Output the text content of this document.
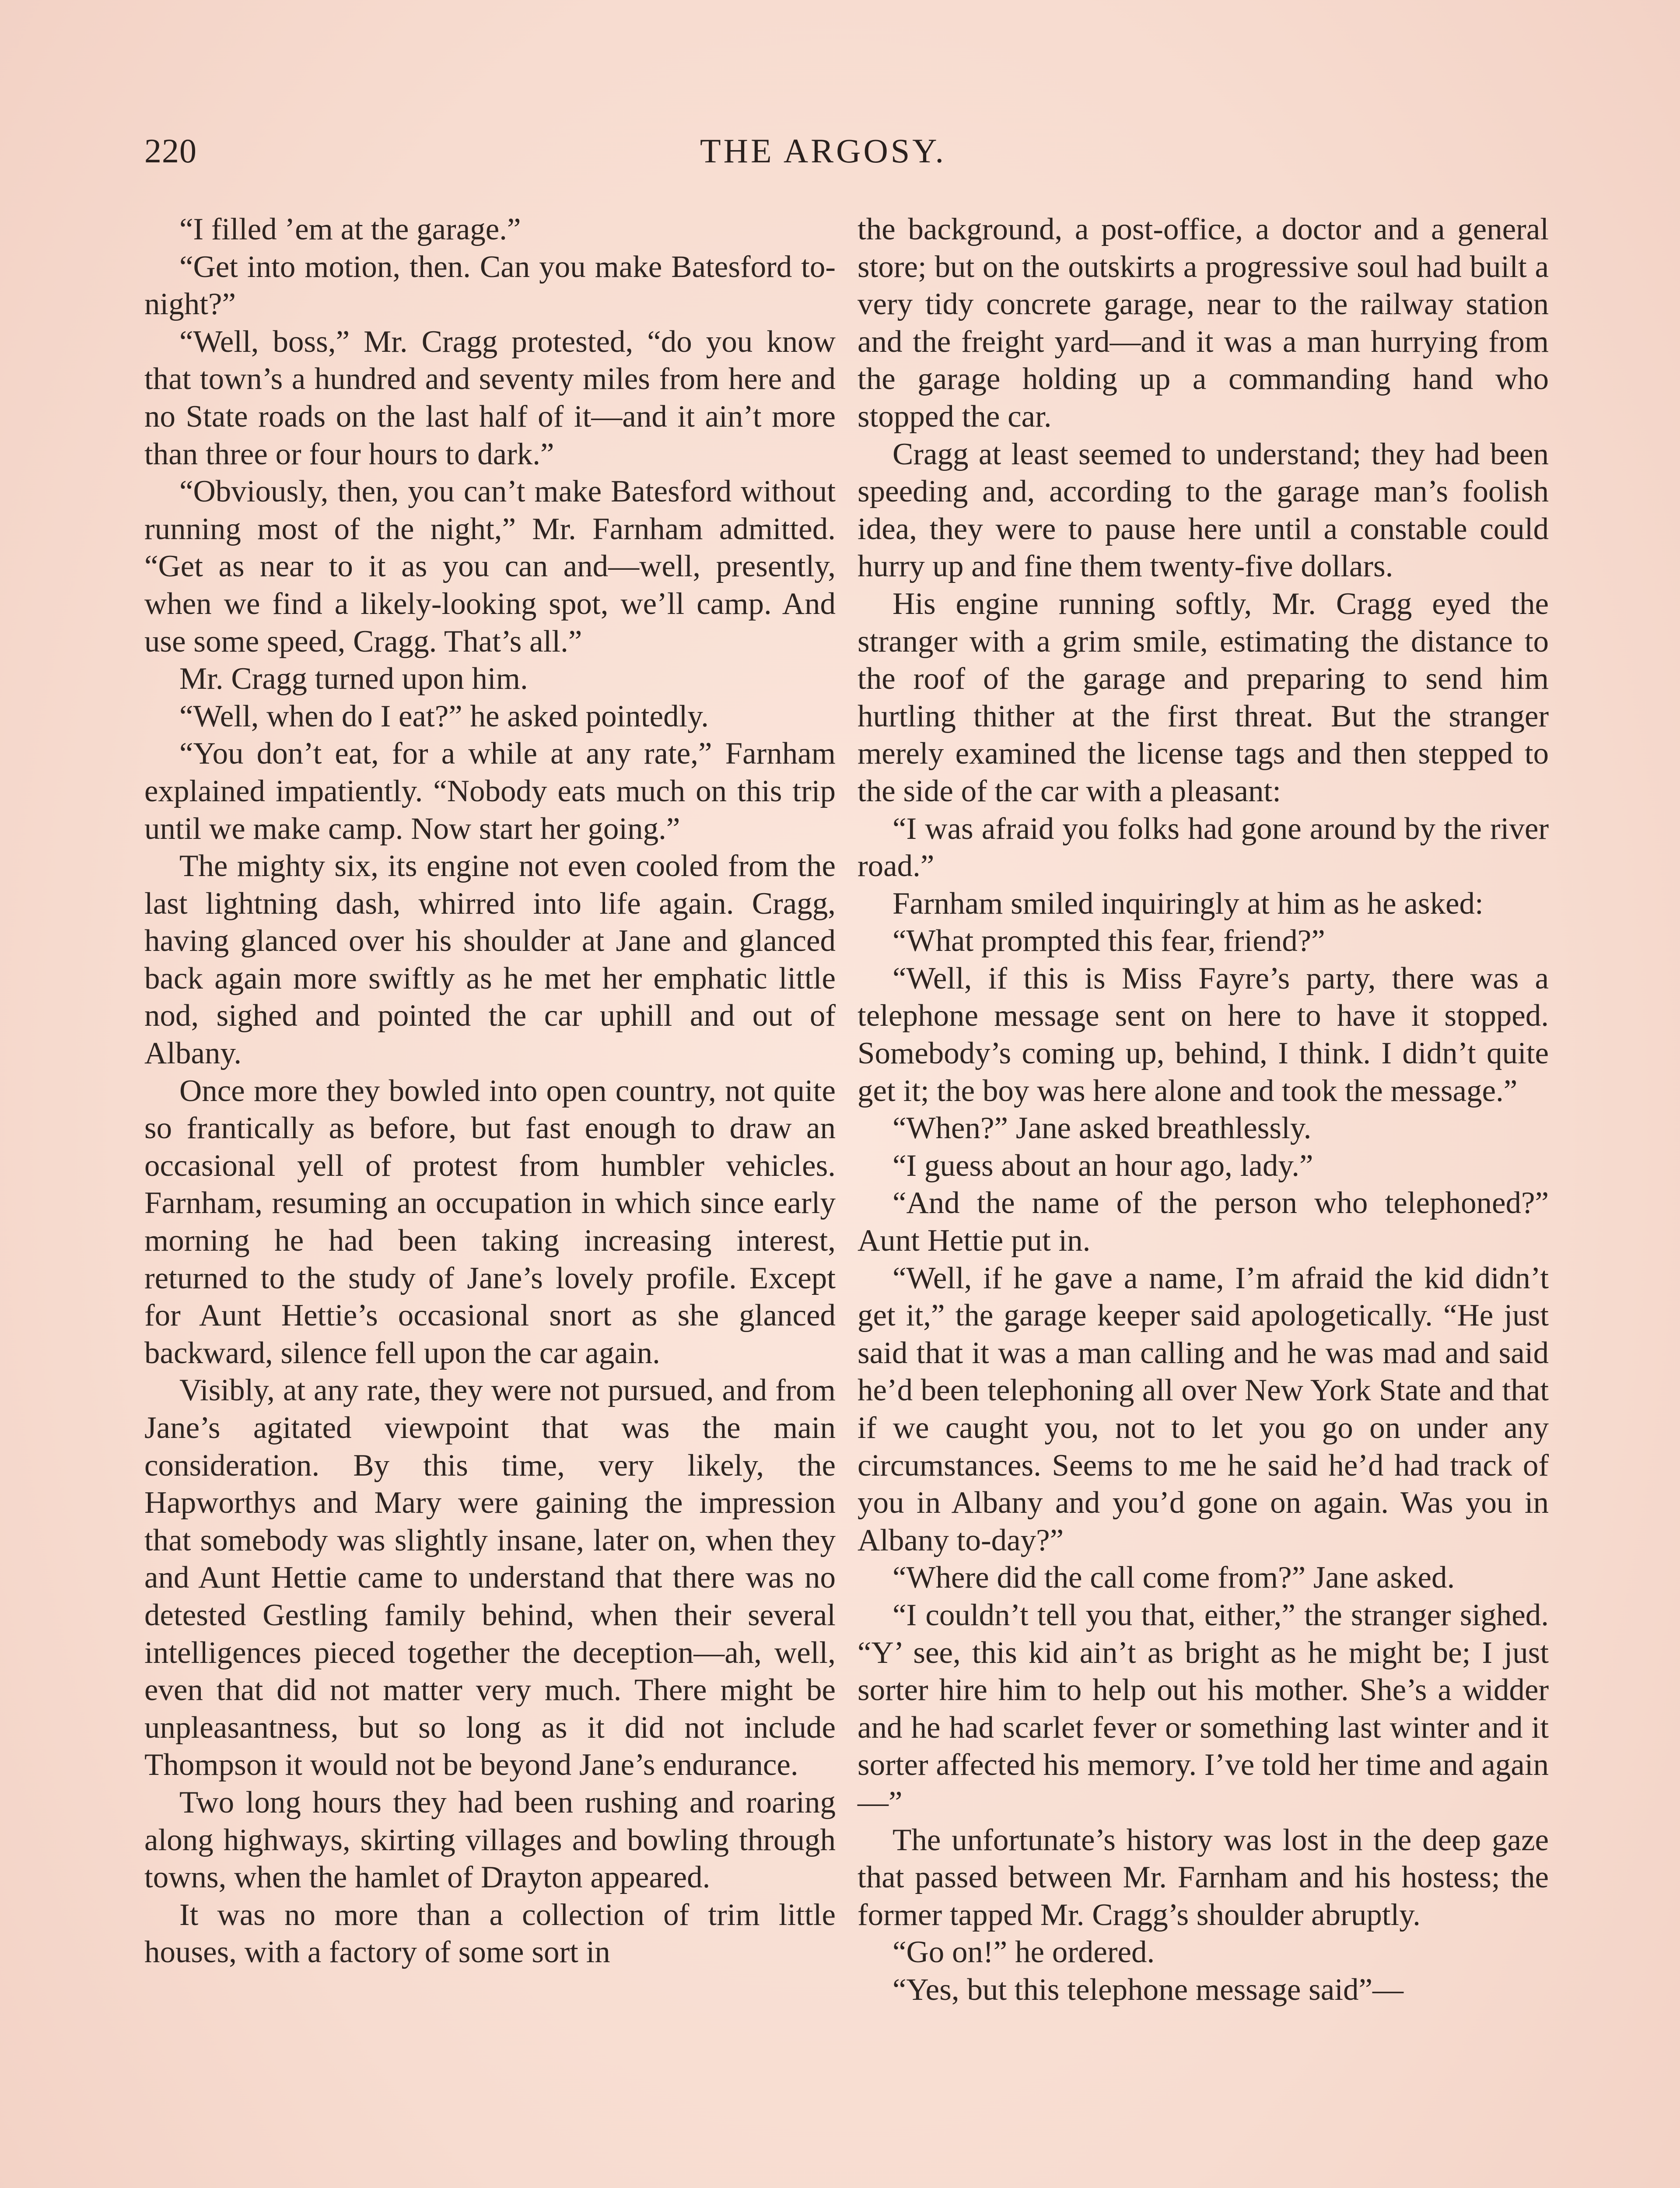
220	THE ARGOSY.

“I filled ’em at the garage.”

“Get into motion, then. Can you make Batesford to-night?”

“Well, boss,” Mr. Cragg protested, “do you know that town’s a hundred and seventy miles from here and no State roads on the last half of it—and it ain’t more than three or four hours to dark.”

“Obviously, then, you can’t make Batesford without running most of the night,” Mr. Farnham admitted. “Get as near to it as you can and—well, presently, when we find a likely-looking spot, we’ll camp. And use some speed, Cragg. That’s all.”

Mr. Cragg turned upon him.

“Well, when do I eat?” he asked pointedly.

“You don’t eat, for a while at any rate,” Farnham explained impatiently. “Nobody eats much on this trip until we make camp. Now start her going.”

The mighty six, its engine not even cooled from the last lightning dash, whirred into life again. Cragg, having glanced over his shoulder at Jane and glanced back again more swiftly as he met her emphatic little nod, sighed and pointed the car uphill and out of Albany.

Once more they bowled into open country, not quite so frantically as before, but fast enough to draw an occasional yell of protest from humbler vehicles. Farnham, resuming an occupation in which since early morning he had been taking increasing interest, returned to the study of Jane’s lovely profile. Except for Aunt Hettie’s occasional snort as she glanced backward, silence fell upon the car again.

Visibly, at any rate, they were not pursued, and from Jane’s agitated viewpoint that was the main consideration. By this time, very likely, the Hapworthys and Mary were gaining the impression that somebody was slightly insane, later on, when they and Aunt Hettie came to understand that there was no detested Gestling family behind, when their several intelligences pieced together the deception—ah, well, even that did not matter very much. There might be unpleasantness, but so long as it did not include Thompson it would not be beyond Jane’s endurance.

Two long hours they had been rushing and roaring along highways, skirting villages and bowling through towns, when the hamlet of Drayton appeared.

It was no more than a collection of trim little houses, with a factory of some sort in

the background, a post-office, a doctor and a general store; but on the outskirts a progressive soul had built a very tidy concrete garage, near to the railway station and the freight yard—and it was a man hurrying from the garage holding up a commanding hand who stopped the car.

Cragg at least seemed to understand; they had been speeding and, according to the garage man’s foolish idea, they were to pause here until a constable could hurry up and fine them twenty-five dollars.

His engine running softly, Mr. Cragg eyed the stranger with a grim smile, estimating the distance to the roof of the garage and preparing to send him hurtling thither at the first threat. But the stranger merely examined the license tags and then stepped to the side of the car with a pleasant:

“I was afraid you folks had gone around by the river road.”

Farnham smiled inquiringly at him as he asked:

“What prompted this fear, friend?”

“Well, if this is Miss Fayre’s party, there was a telephone message sent on here to have it stopped. Somebody’s coming up, behind, I think. I didn’t quite get it; the boy was here alone and took the message.”

“When?” Jane asked breathlessly.

“I guess about an hour ago, lady.”

“And the name of the person who telephoned?” Aunt Hettie put in.

“Well, if he gave a name, I’m afraid the kid didn’t get it,” the garage keeper said apologetically. “He just said that it was a man calling and he was mad and said he’d been telephoning all over New York State and that if we caught you, not to let you go on under any circumstances. Seems to me he said he’d had track of you in Albany and you’d gone on again. Was you in Albany to-day?”

“Where did the call come from?” Jane asked.

“I couldn’t tell you that, either,” the stranger sighed. “Y’ see, this kid ain’t as bright as he might be; I just sorter hire him to help out his mother. She’s a widder and he had scarlet fever or something last winter and it sorter affected his memory. I’ve told her time and again—”

The unfortunate’s history was lost in the deep gaze that passed between Mr. Farnham and his hostess; the former tapped Mr. Cragg’s shoulder abruptly.

“Go on!” he ordered.

“Yes, but this telephone message said”—
